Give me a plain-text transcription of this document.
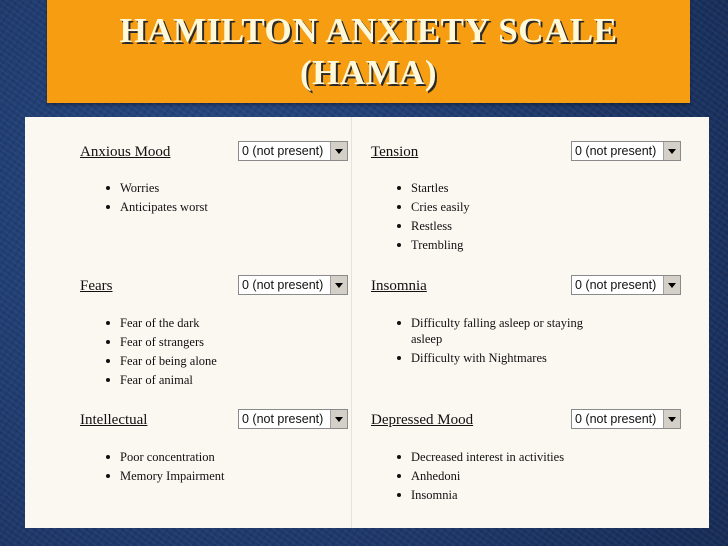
HAMILTON ANXIETY SCALE
(HAMA)
Anxious Mood	0 (not present)
Worries
Anticipates worst
Fears	0 (not present)
Fear of the dark
Fear of strangers
Fear of being alone
Fear of animal
Intellectual	0 (not present)
Poor concentration
Memory Impairment
Tension	0 (not present)
Startles
Cries easily
Restless
Trembling
Insomnia	0 (not present)
Difficulty falling asleep or staying asleep
Difficulty with Nightmares
Depressed Mood	0 (not present)
Decreased interest in activities
Anhedoni
Insomnia
